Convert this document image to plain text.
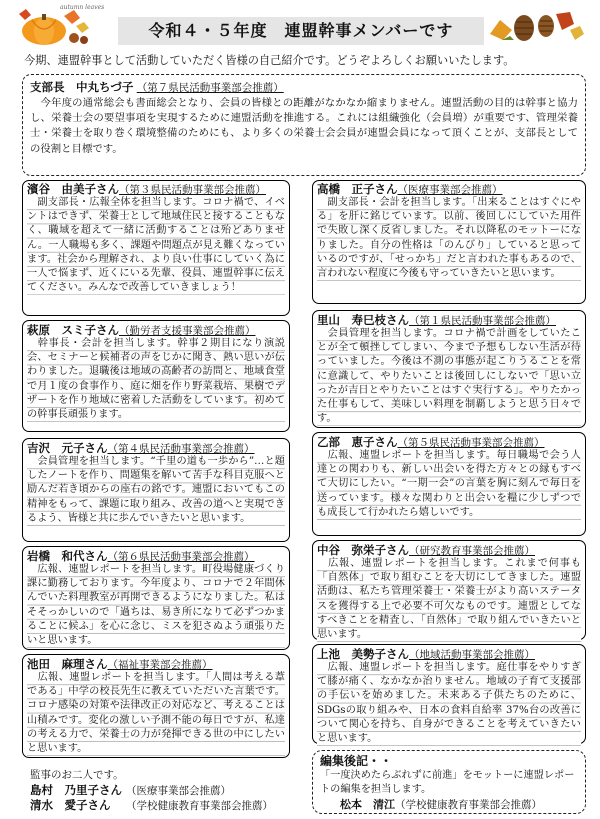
autumn leaves
令和４・５年度　連盟幹事メンバーです
今期、連盟幹事として活動していただく皆様の自己紹介です。どうぞよろしくお願いいたします。
支部長　中丸ちづ子 （第７県民活動事業部会推薦）
　今年度の通常総会も書面総会となり、会員の皆様との距離がなかなか縮まりません。連盟活動の目的は幹事と協力し、栄養士会の要望事項を実現するために連盟活動を推進する。これには組織強化（会員増）が重要です、管理栄養士・栄養士を取り巻く環境整備のためにも、より多くの栄養士会会員が連盟会員になって頂くことが、支部長としての役割と目標です。
濱谷　由美子さん（第３県民活動事業部会推薦）
　副支部長・広報全体を担当します。コロナ禍で、イベントはできず、栄養士として地域住民と接することもなく、職域を超えて一緒に活動することは殆どありません。一人職場も多く、課題や問題点が見え難くなっています。社会から理解され、より良い仕事にしていく為に一人で悩まず、近くにいる先輩、役員、連盟幹事に伝えてください。みんなで改善していきましょう！
萩原　スミ子さん（勤労者支援事業部会推薦）
　幹事長・会計を担当します。幹事２期目になり演説会、セミナーと候補者の声をじかに聞き、熱い思いが伝わりました。退職後は地域の高齢者の訪問と、地域食堂で月１度の食事作り、庭に畑を作り野菜栽培、果樹でデザートを作り地域に密着した活動をしています。初めての幹事長頑張ります。
吉沢　元子さん（第４県民活動事業部会推薦）
　会員管理を担当します。“千里の道も一歩から”…と題したノートを作り、問題集を解いて苦手な科目克服へと励んだ若き頃からの座右の銘です。連盟においてもこの精神をもって、課題に取り組み、改善の道へと実現できるよう、皆様と共に歩んでいきたいと思います。
岩橋　和代さん（第６県民活動事業部会推薦）
　広報、連盟レポートを担当します。町役場健康づくり課に勤務しております。今年度より、コロナで２年間休んでいた料理教室が再開できるようになりました。私はそそっかしいので「過ちは、易き所になりて必ずつかまることに候ふ」を心に念じ、ミスを犯さぬよう頑張りたいと思います。
池田　麻理さん（福祉事業部会推薦）
　広報、連盟レポートを担当します。「人間は考える葦である」中学の校長先生に教えていただいた言葉です。コロナ感染の対策や法律改正の対応など、考えることは山積みです。変化の激しい予測不能の毎日ですが、私達の考える力で、栄養士の力が発揮できる世の中にしたいと思います。
高橋　正子さん（医療事業部会推薦）
　副支部長・会計を担当します。「出来ることはすぐにやる」を肝に銘じています。以前、後回しにしていた用件で失敗し深く反省しました。それ以降私のモットーになりました。自分の性格は「のんびり」していると思っているのですが、「せっかち」だと言われた事もあるので、言われない程度に今後も守っていきたいと思います。
里山　寿巳枝さん（第１県民活動事業部会推薦）
　会員管理を担当します。コロナ禍で計画をしていたことが全て頓挫してしまい、今まで予想もしない生活が待っていました。今後は不測の事態が起こりうることを常に意識して、やりたいことは後回しにしないで「思い立ったが吉日とやりたいことはすぐ実行する」。やりたかった仕事もして、美味しい料理を制覇しようと思う日々です。
乙部　恵子さん（第５県民活動事業部会推薦）
　広報、連盟レポートを担当します。毎日職場で会う人達との関わりも、新しい出会いを得た方々との縁もすべて大切にしたい。“一期一会”の言葉を胸に刻んで毎日を送っています。様々な関わりと出会いを糧に少しずつでも成長して行かれたら嬉しいです。
中谷　弥栄子さん（研究教育事業部会推薦）
　広報、連盟レポートを担当します。これまで何事も「自然体」で取り組むことを大切にしてきました。連盟活動は、私たち管理栄養士・栄養士がより高いステータスを獲得する上で必要不可欠なものです。連盟としてなすべきことを精査し、「自然体」で取り組んでいきたいと思います。
上池　美勢子さん（地域活動事業部会推薦）
　広報、連盟レポートを担当します。庭仕事をやりすぎて膝が痛く、なかなか治りません。地域の子育て支援部の手伝いを始めました。未来ある子供たちのために、SDGsの取り組みや、日本の食料自給率 37%台の改善について関心を持ち、自身ができることを考えていきたいと思います。
監事のお二人です。
島村　乃里子さん （医療事業部会推薦）
清水　愛子さん （学校健康教育事業部会推薦）
編集後記・・
「一度決めたらぶれずに前進」をモットーに連盟レポートの編集を担当します。
松本　清江（学校健康教育事業部会推薦）
